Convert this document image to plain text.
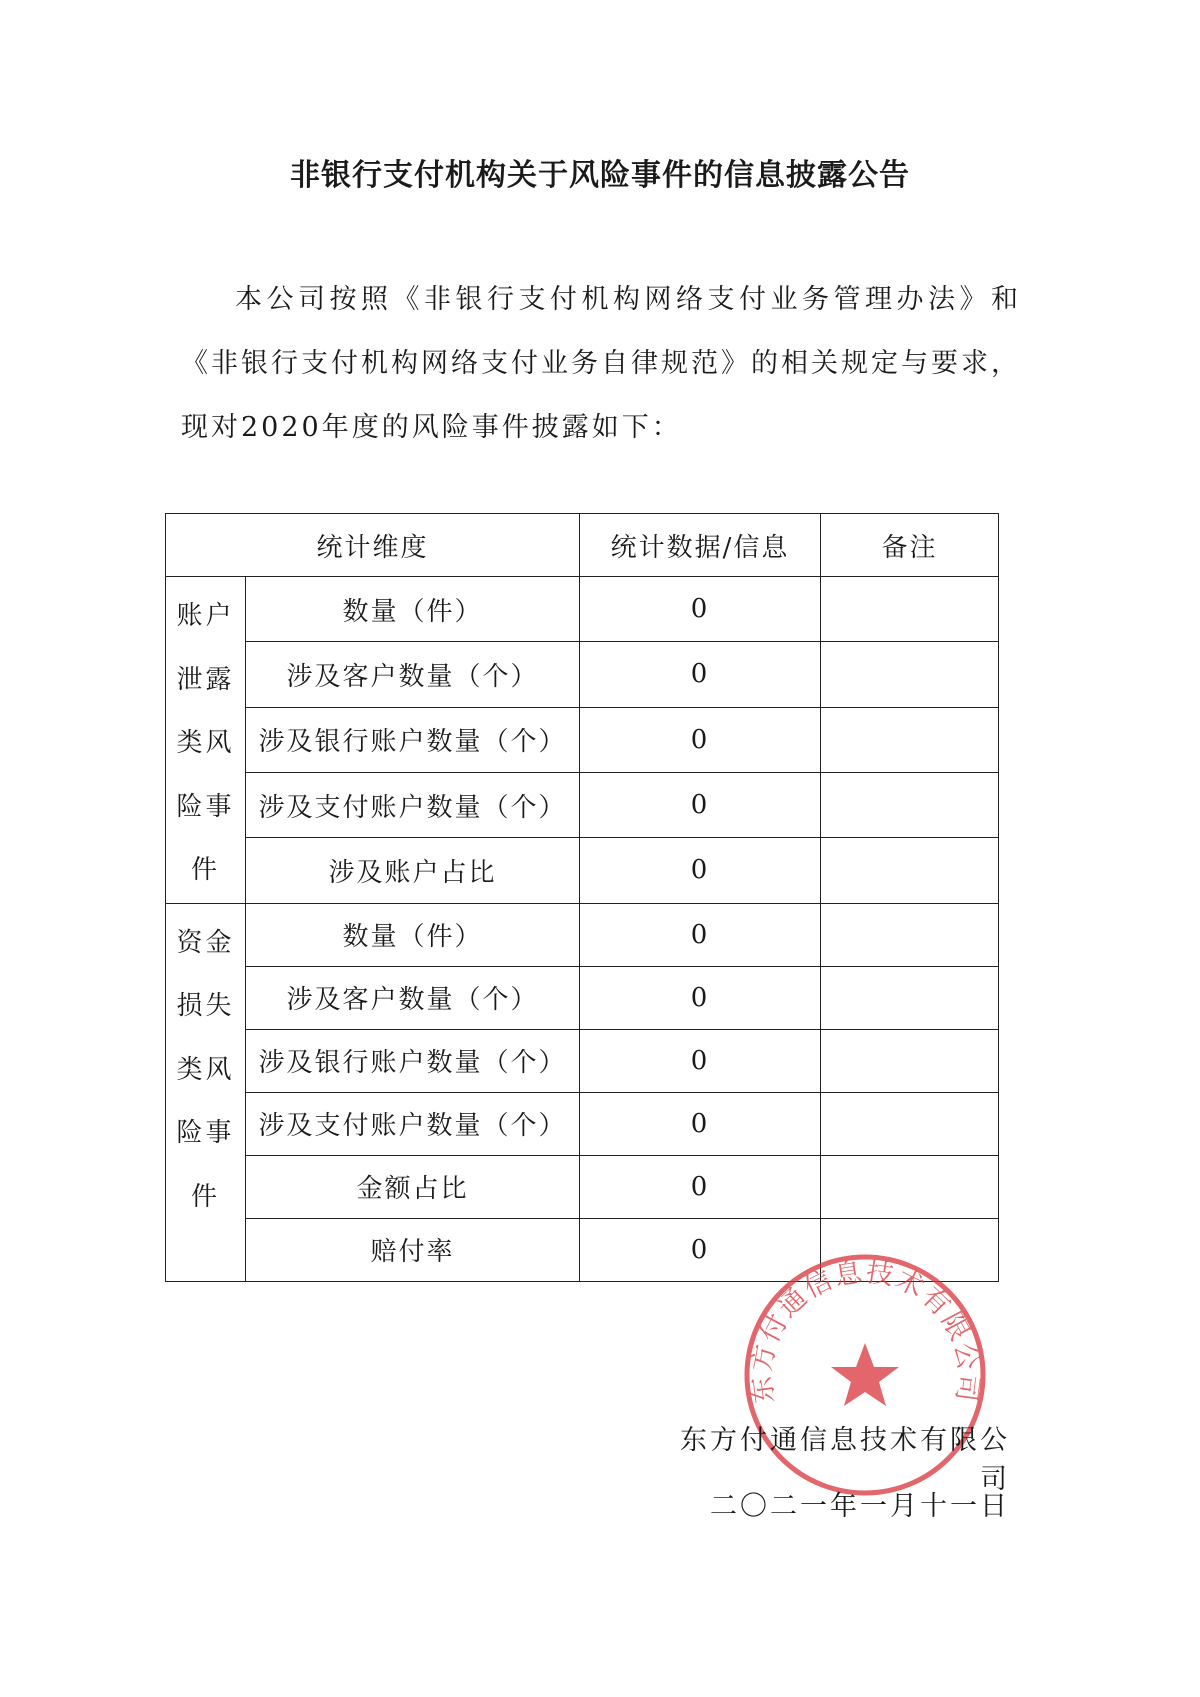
非银行支付机构关于风险事件的信息披露公告

本公司按照《非银行支付机构网络支付业务管理办法》和《非银行支付机构网络支付业务自律规范》的相关规定与要求，现对2020年度的风险事件披露如下：

统计维度		统计数据/信息	备注

账户泄露类风险事件	数量（件）	0	
	涉及客户数量（个）	0	
	涉及银行账户数量（个）	0	
	涉及支付账户数量（个）	0	
	涉及账户占比	0	

资金损失类风险事件	数量（件）	0	
	涉及客户数量（个）	0	
	涉及银行账户数量（个）	0	
	涉及支付账户数量（个）	0	
	金额占比	0	
	赔付率	0	
东方付通信息技术有限公司
东方付通信息技术有限公司
二〇二一年一月十一日
